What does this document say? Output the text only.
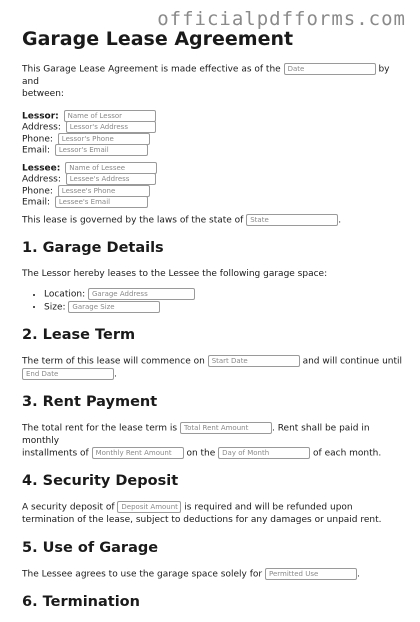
officialpdfforms.com
Garage Lease Agreement
This Garage Lease Agreement is made effective as of the Date	by and
between:
Lessor: Name of Lessor
Address: Lessor's Address
Phone: Lessor's Phone
Email: Lessor's Email
Lessee: Name of Lessee
Address: Lessee's Address
Phone: Lessee's Phone
Email: Lessee's Email
This lease is governed by the laws of the state of State	.
1. Garage Details

The Lessor hereby leases to the Lessee the following garage space:

• Location: Garage Address
• Size: Garage Size
2. Lease Term
The term of this lease will commence on Start Date	and will continue until
End Date	.
3. Rent Payment
The total rent for the lease term is Total Rent Amount	. Rent shall be paid in monthly
installments of Monthly Rent Amount on the Day of Month	of each month.
4. Security Deposit
A security deposit of Deposit Amount is required and will be refunded upon
termination of the lease, subject to deductions for any damages or unpaid rent.
5. Use of Garage
The Lessee agrees to use the garage space solely for Permitted Use	.
6. Termination
